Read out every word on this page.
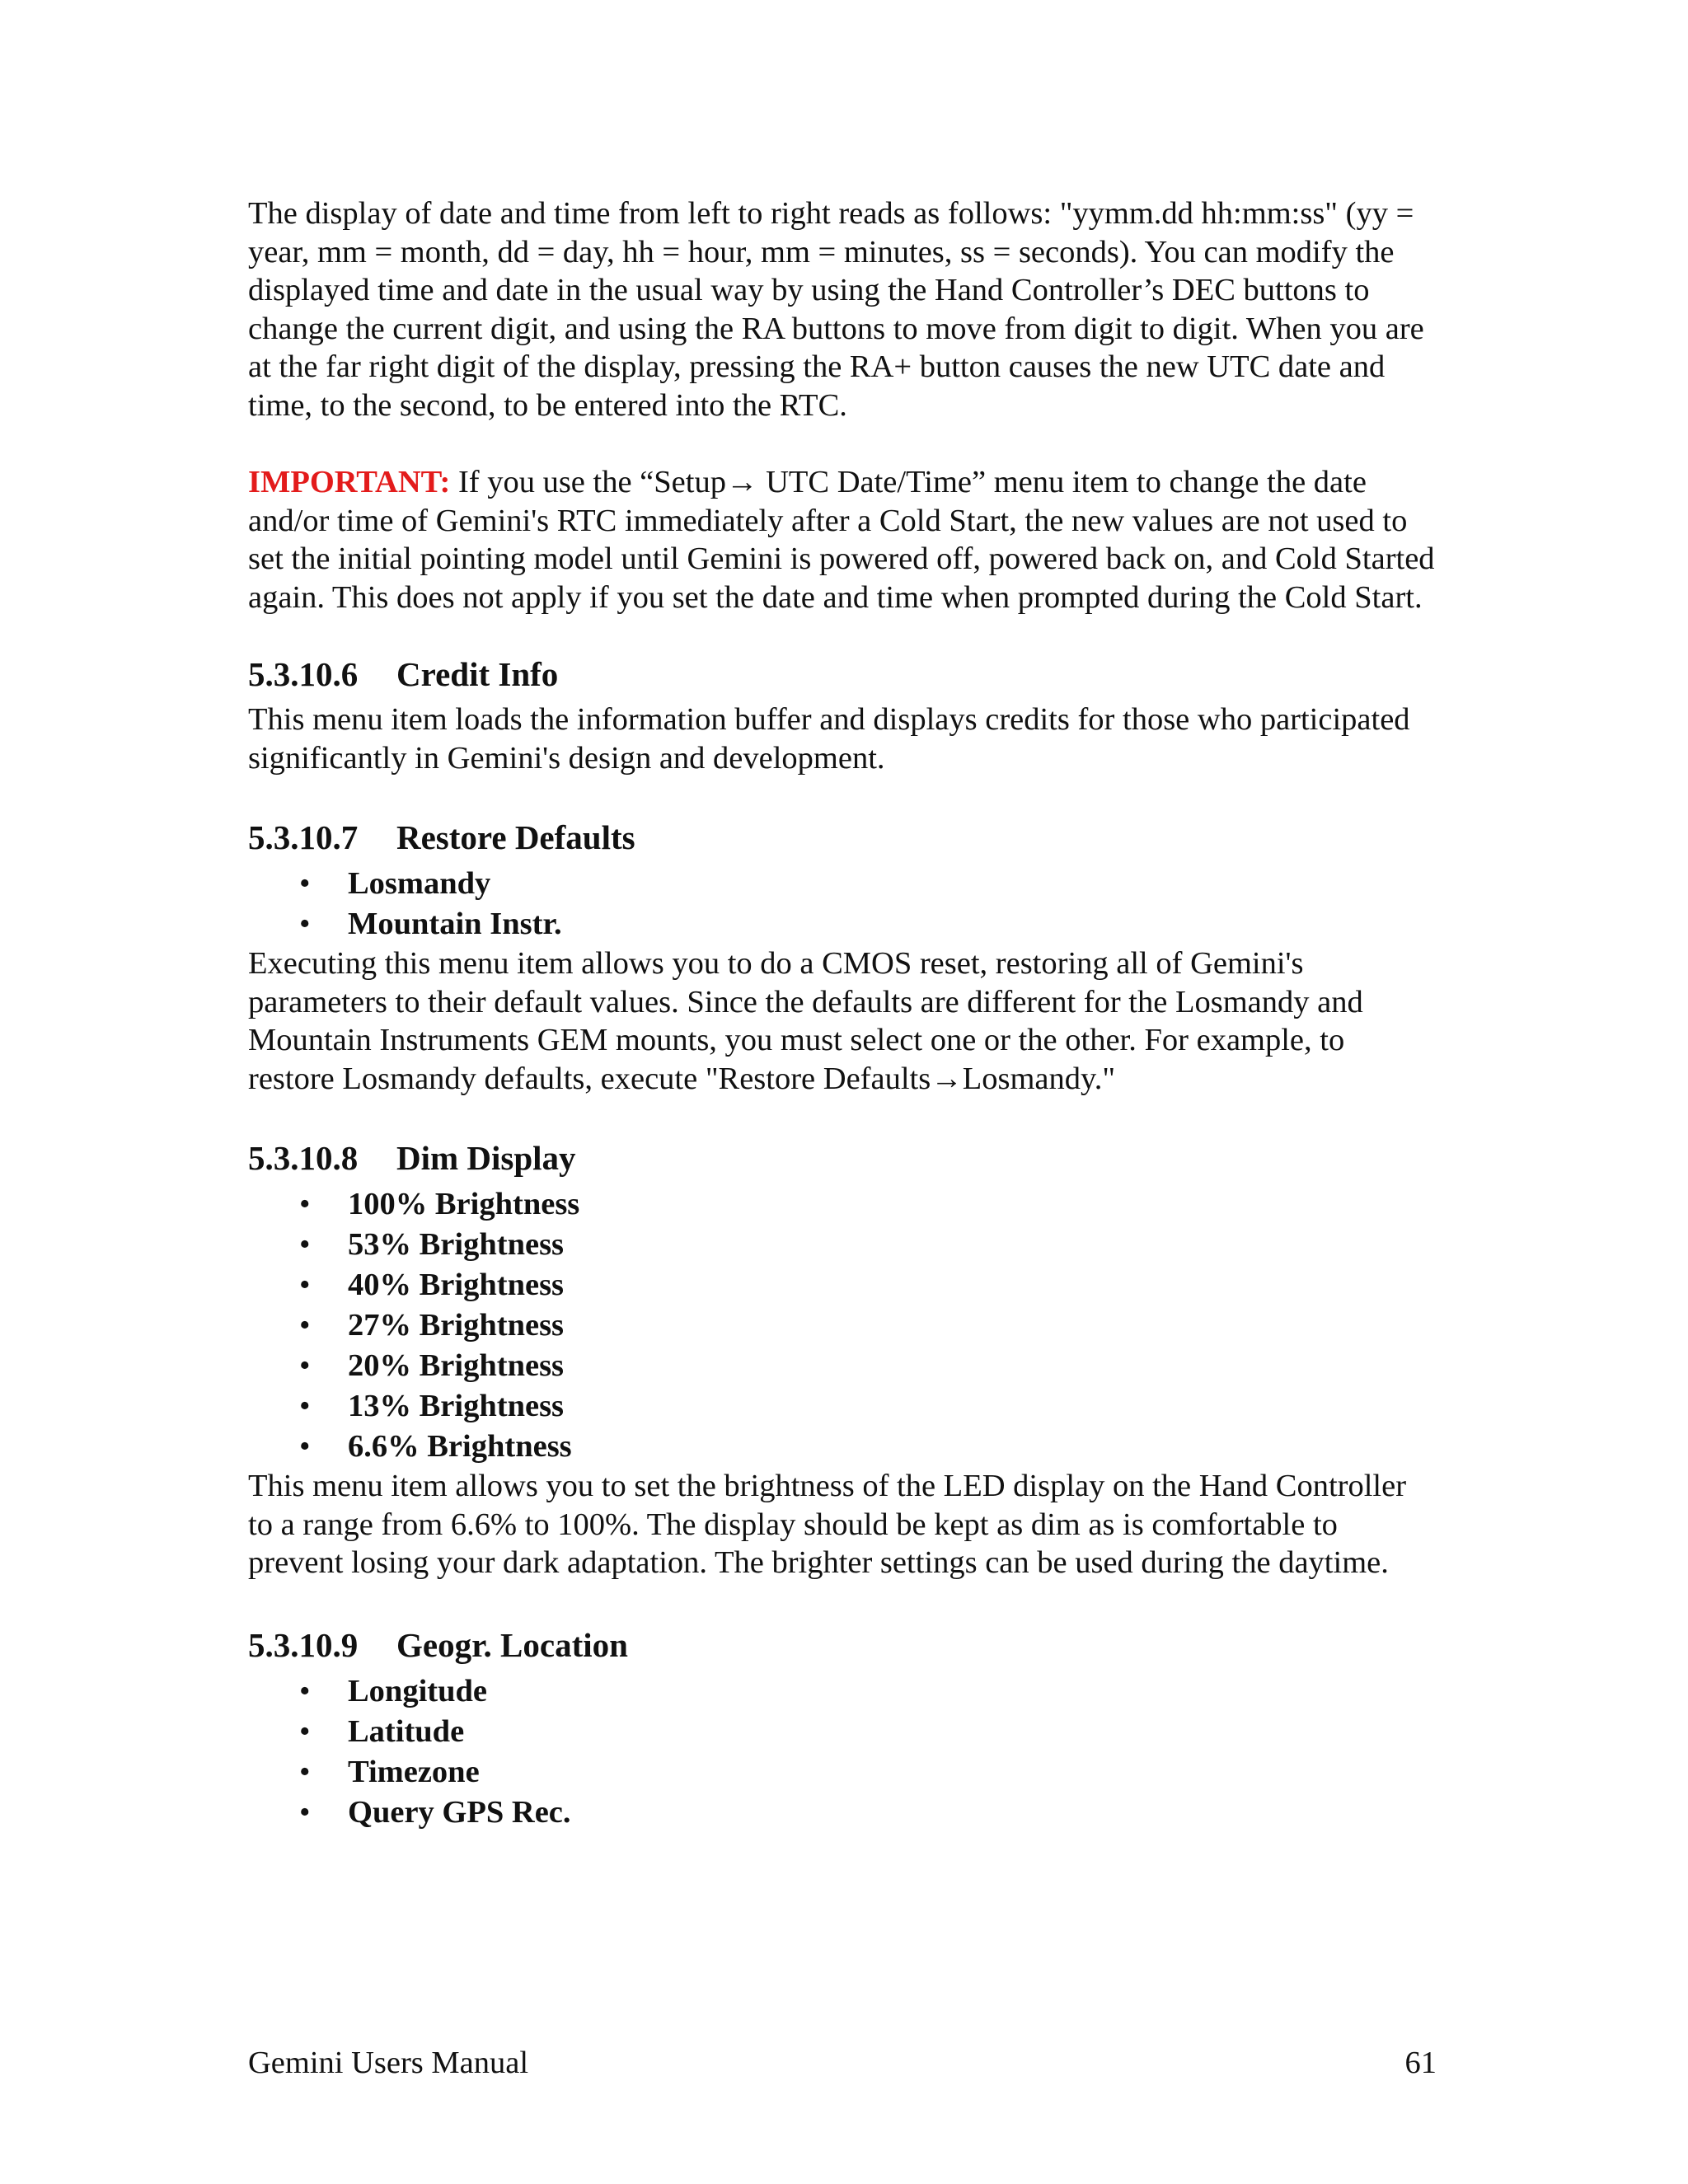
The display of date and time from left to right reads as follows: "yymm.dd hh:mm:ss" (yy = year, mm = month, dd = day, hh = hour, mm = minutes, ss = seconds). You can modify the displayed time and date in the usual way by using the Hand Controller’s DEC buttons to change the current digit, and using the RA buttons to move from digit to digit. When you are at the far right digit of the display, pressing the RA+ button causes the new UTC date and time, to the second, to be entered into the RTC.

IMPORTANT: If you use the “Setup→ UTC Date/Time” menu item to change the date and/or time of Gemini's RTC immediately after a Cold Start, the new values are not used to set the initial pointing model until Gemini is powered off, powered back on, and Cold Started again. This does not apply if you set the date and time when prompted during the Cold Start.

5.3.10.6 Credit Info

This menu item loads the information buffer and displays credits for those who participated significantly in Gemini's design and development.

5.3.10.7 Restore Defaults
• Losmandy
• Mountain Instr.

Executing this menu item allows you to do a CMOS reset, restoring all of Gemini's parameters to their default values. Since the defaults are different for the Losmandy and Mountain Instruments GEM mounts, you must select one or the other. For example, to restore Losmandy defaults, execute "Restore Defaults→Losmandy."

5.3.10.8 Dim Display
• 100% Brightness
• 53% Brightness
• 40% Brightness
• 27% Brightness
• 20% Brightness
• 13% Brightness
• 6.6% Brightness

This menu item allows you to set the brightness of the LED display on the Hand Controller to a range from 6.6% to 100%. The display should be kept as dim as is comfortable to prevent losing your dark adaptation. The brighter settings can be used during the daytime.

5.3.10.9 Geogr. Location
• Longitude
• Latitude
• Timezone
• Query GPS Rec.
Gemini Users Manual	61
